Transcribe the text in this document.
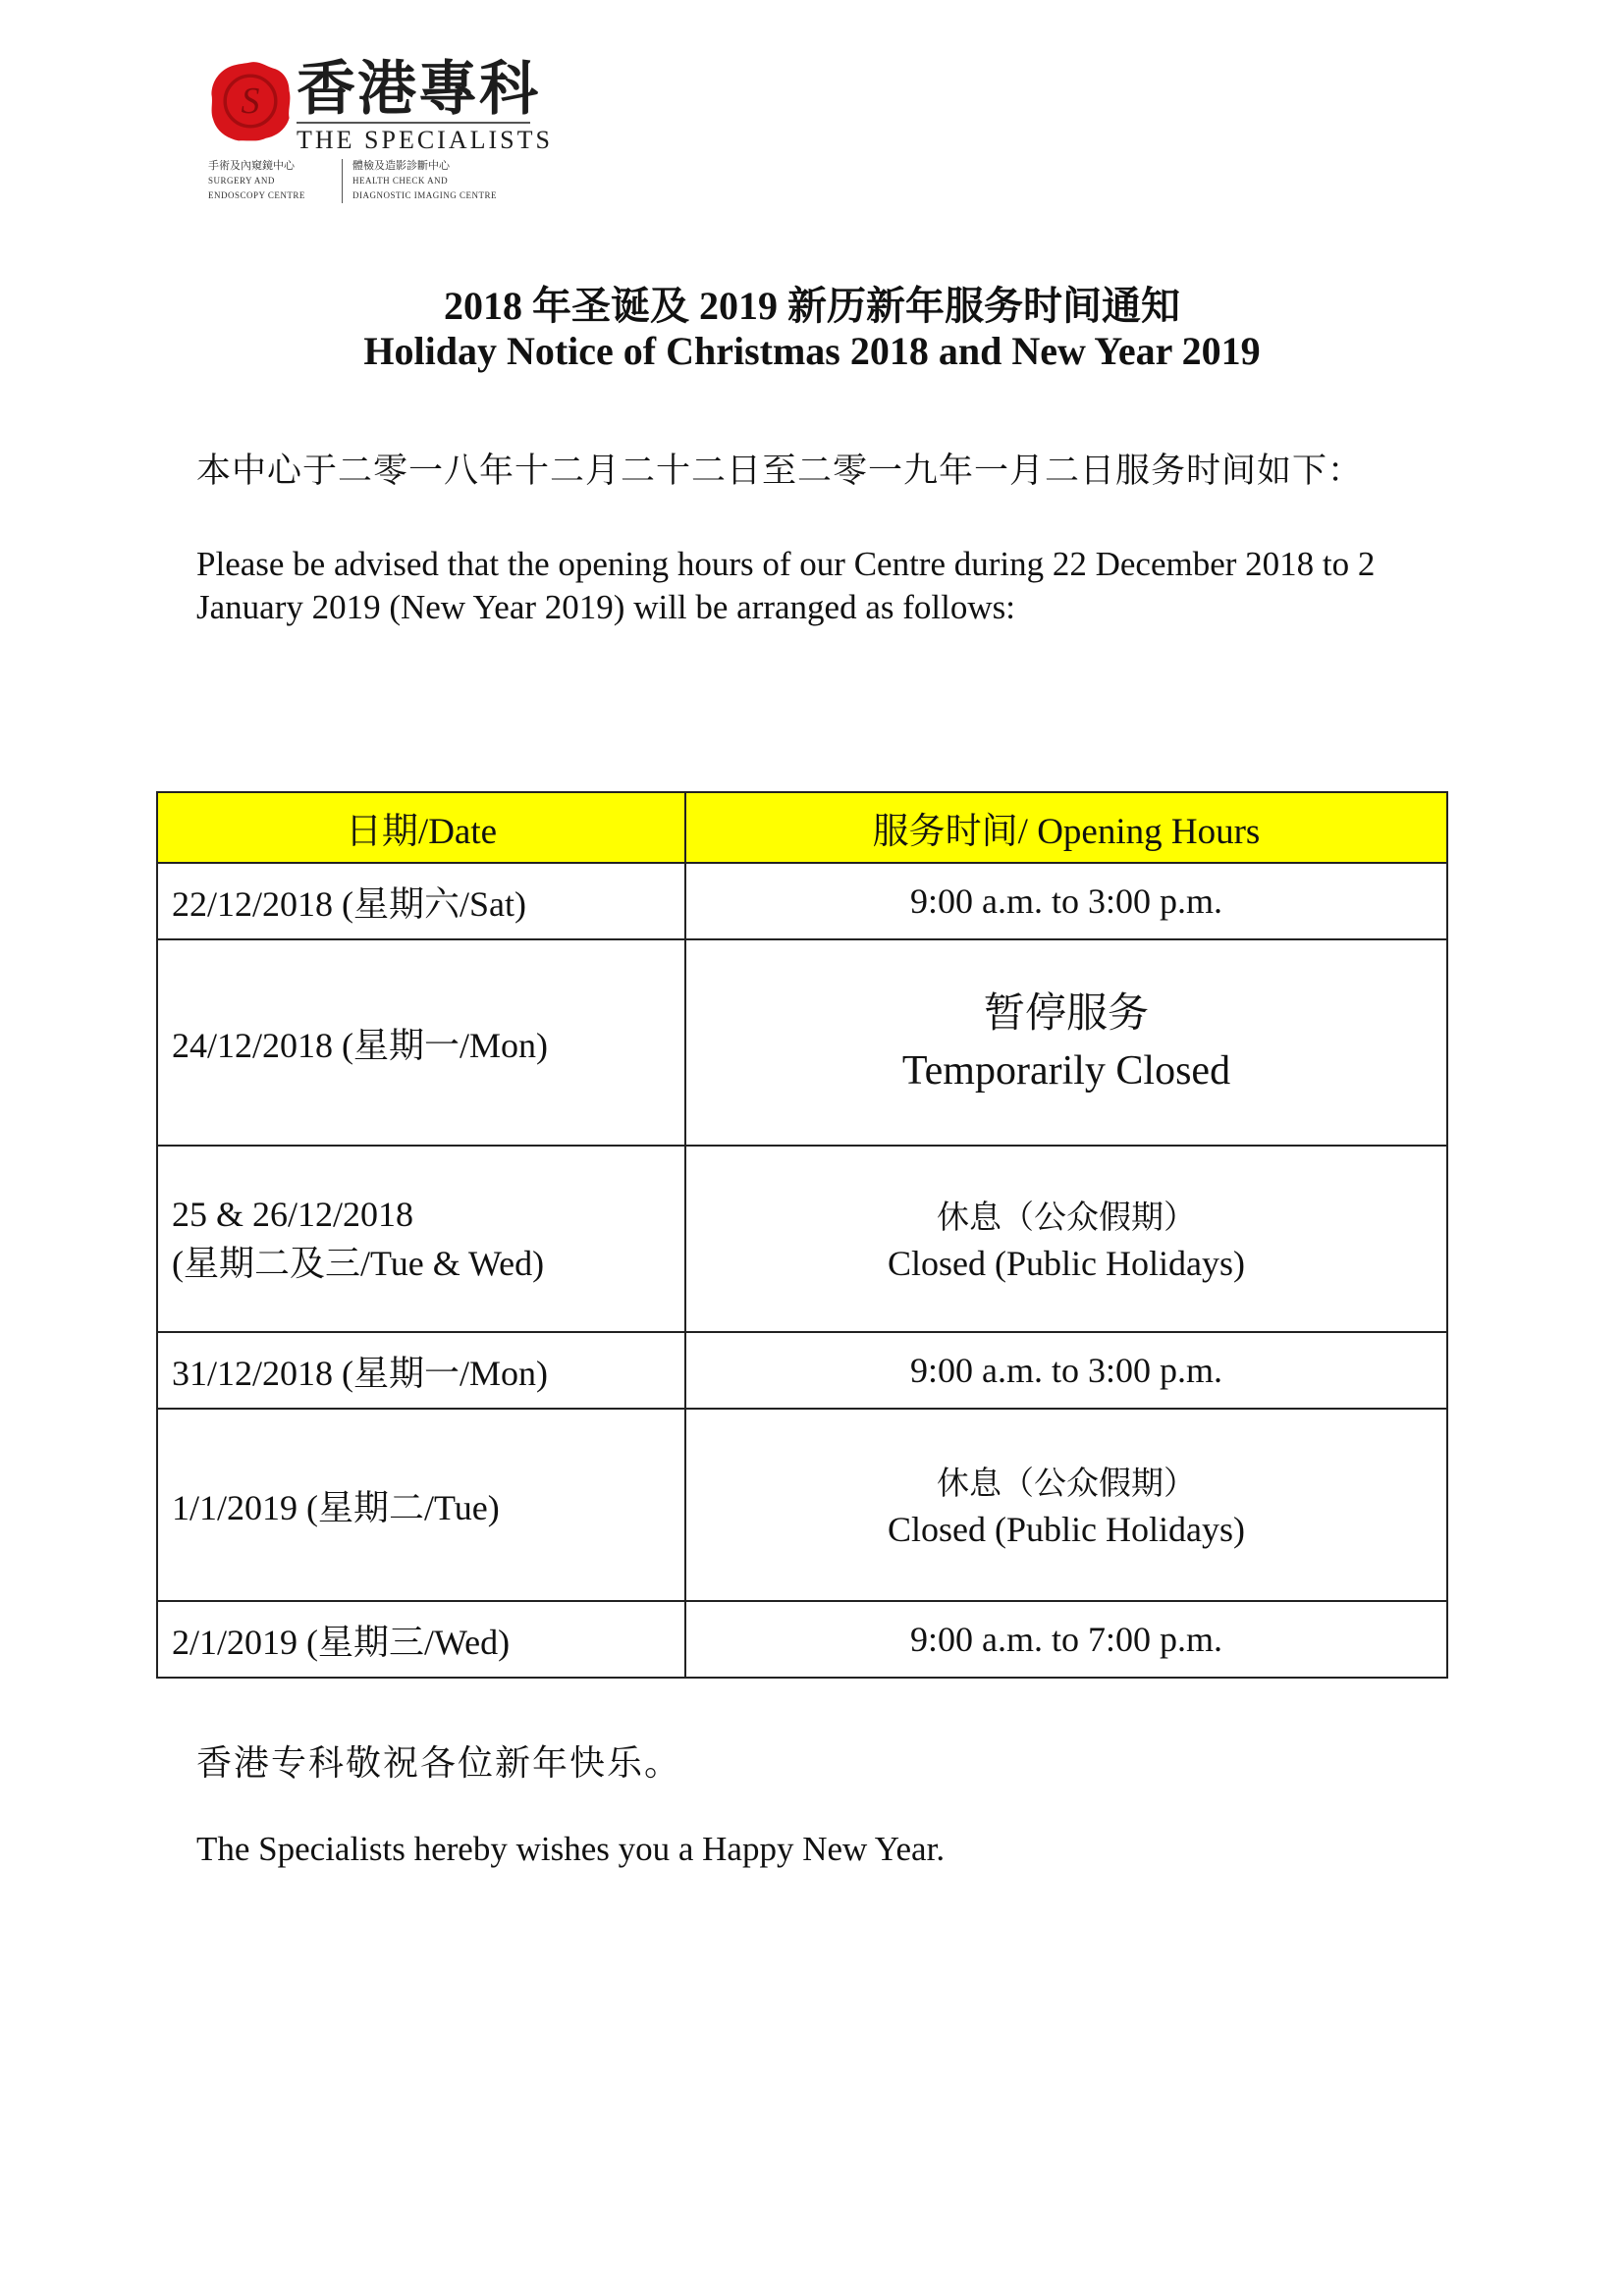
S 香港專科
THE SPECIALISTS
手術及內窺鏡中心
SURGERY AND
ENDOSCOPY CENTRE
體檢及造影診斷中心
HEALTH CHECK AND
DIAGNOSTIC IMAGING CENTRE
2018 年圣诞及 2019 新历新年服务时间通知
Holiday Notice of Christmas 2018 and New Year 2019
本中心于二零一八年十二月二十二日至二零一九年一月二日服务时间如下：
Please be advised that the opening hours of our Centre during 22 December 2018 to 2 January 2019 (New Year 2019) will be arranged as follows:
日期/Date	服务时间/ Opening Hours

22/12/2018 (星期六/Sat)	9:00 a.m. to 3:00 p.m.

24/12/2018 (星期一/Mon)	暂停服务
Temporarily Closed

25 & 26/12/2018
(星期二及三/Tue & Wed)	休息（公众假期）
Closed (Public Holidays)

31/12/2018 (星期一/Mon)	9:00 a.m. to 3:00 p.m.

1/1/2019 (星期二/Tue)	休息（公众假期）
Closed (Public Holidays)

2/1/2019 (星期三/Wed)	9:00 a.m. to 7:00 p.m.
香港专科敬祝各位新年快乐。
The Specialists hereby wishes you a Happy New Year.
